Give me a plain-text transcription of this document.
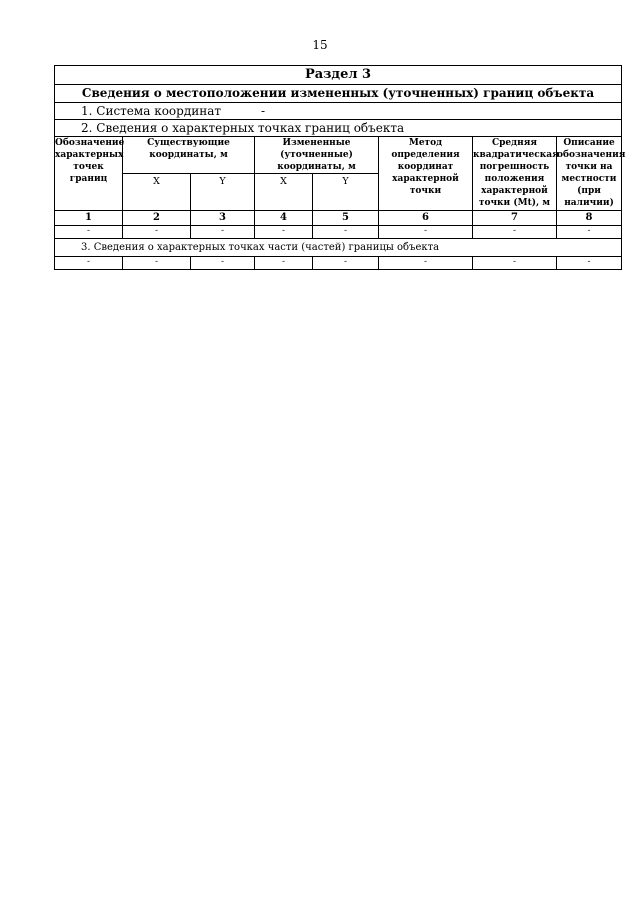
15
Раздел 3							
Сведения о местоположении измененных (уточненных) границ объекта							
1. Система координат -							
2. Сведения о характерных точках границ объекта							
Обозначение характерных точек границ	Существующие координаты, м		Измененные (уточненные) координаты, м		Метод определения координат характерной точки	Средняя квадратическая погрешность положения характерной точки (Mt), м	Описание обозначения точки на местности (при наличии)
	X	Y	X	Y			
1	2	3	4	5	6	7	8
-	-	-	-	-	-	-	-
3. Сведения о характерных точках части (частей) границы объекта							
-	-	-	-	-	-	-	-
